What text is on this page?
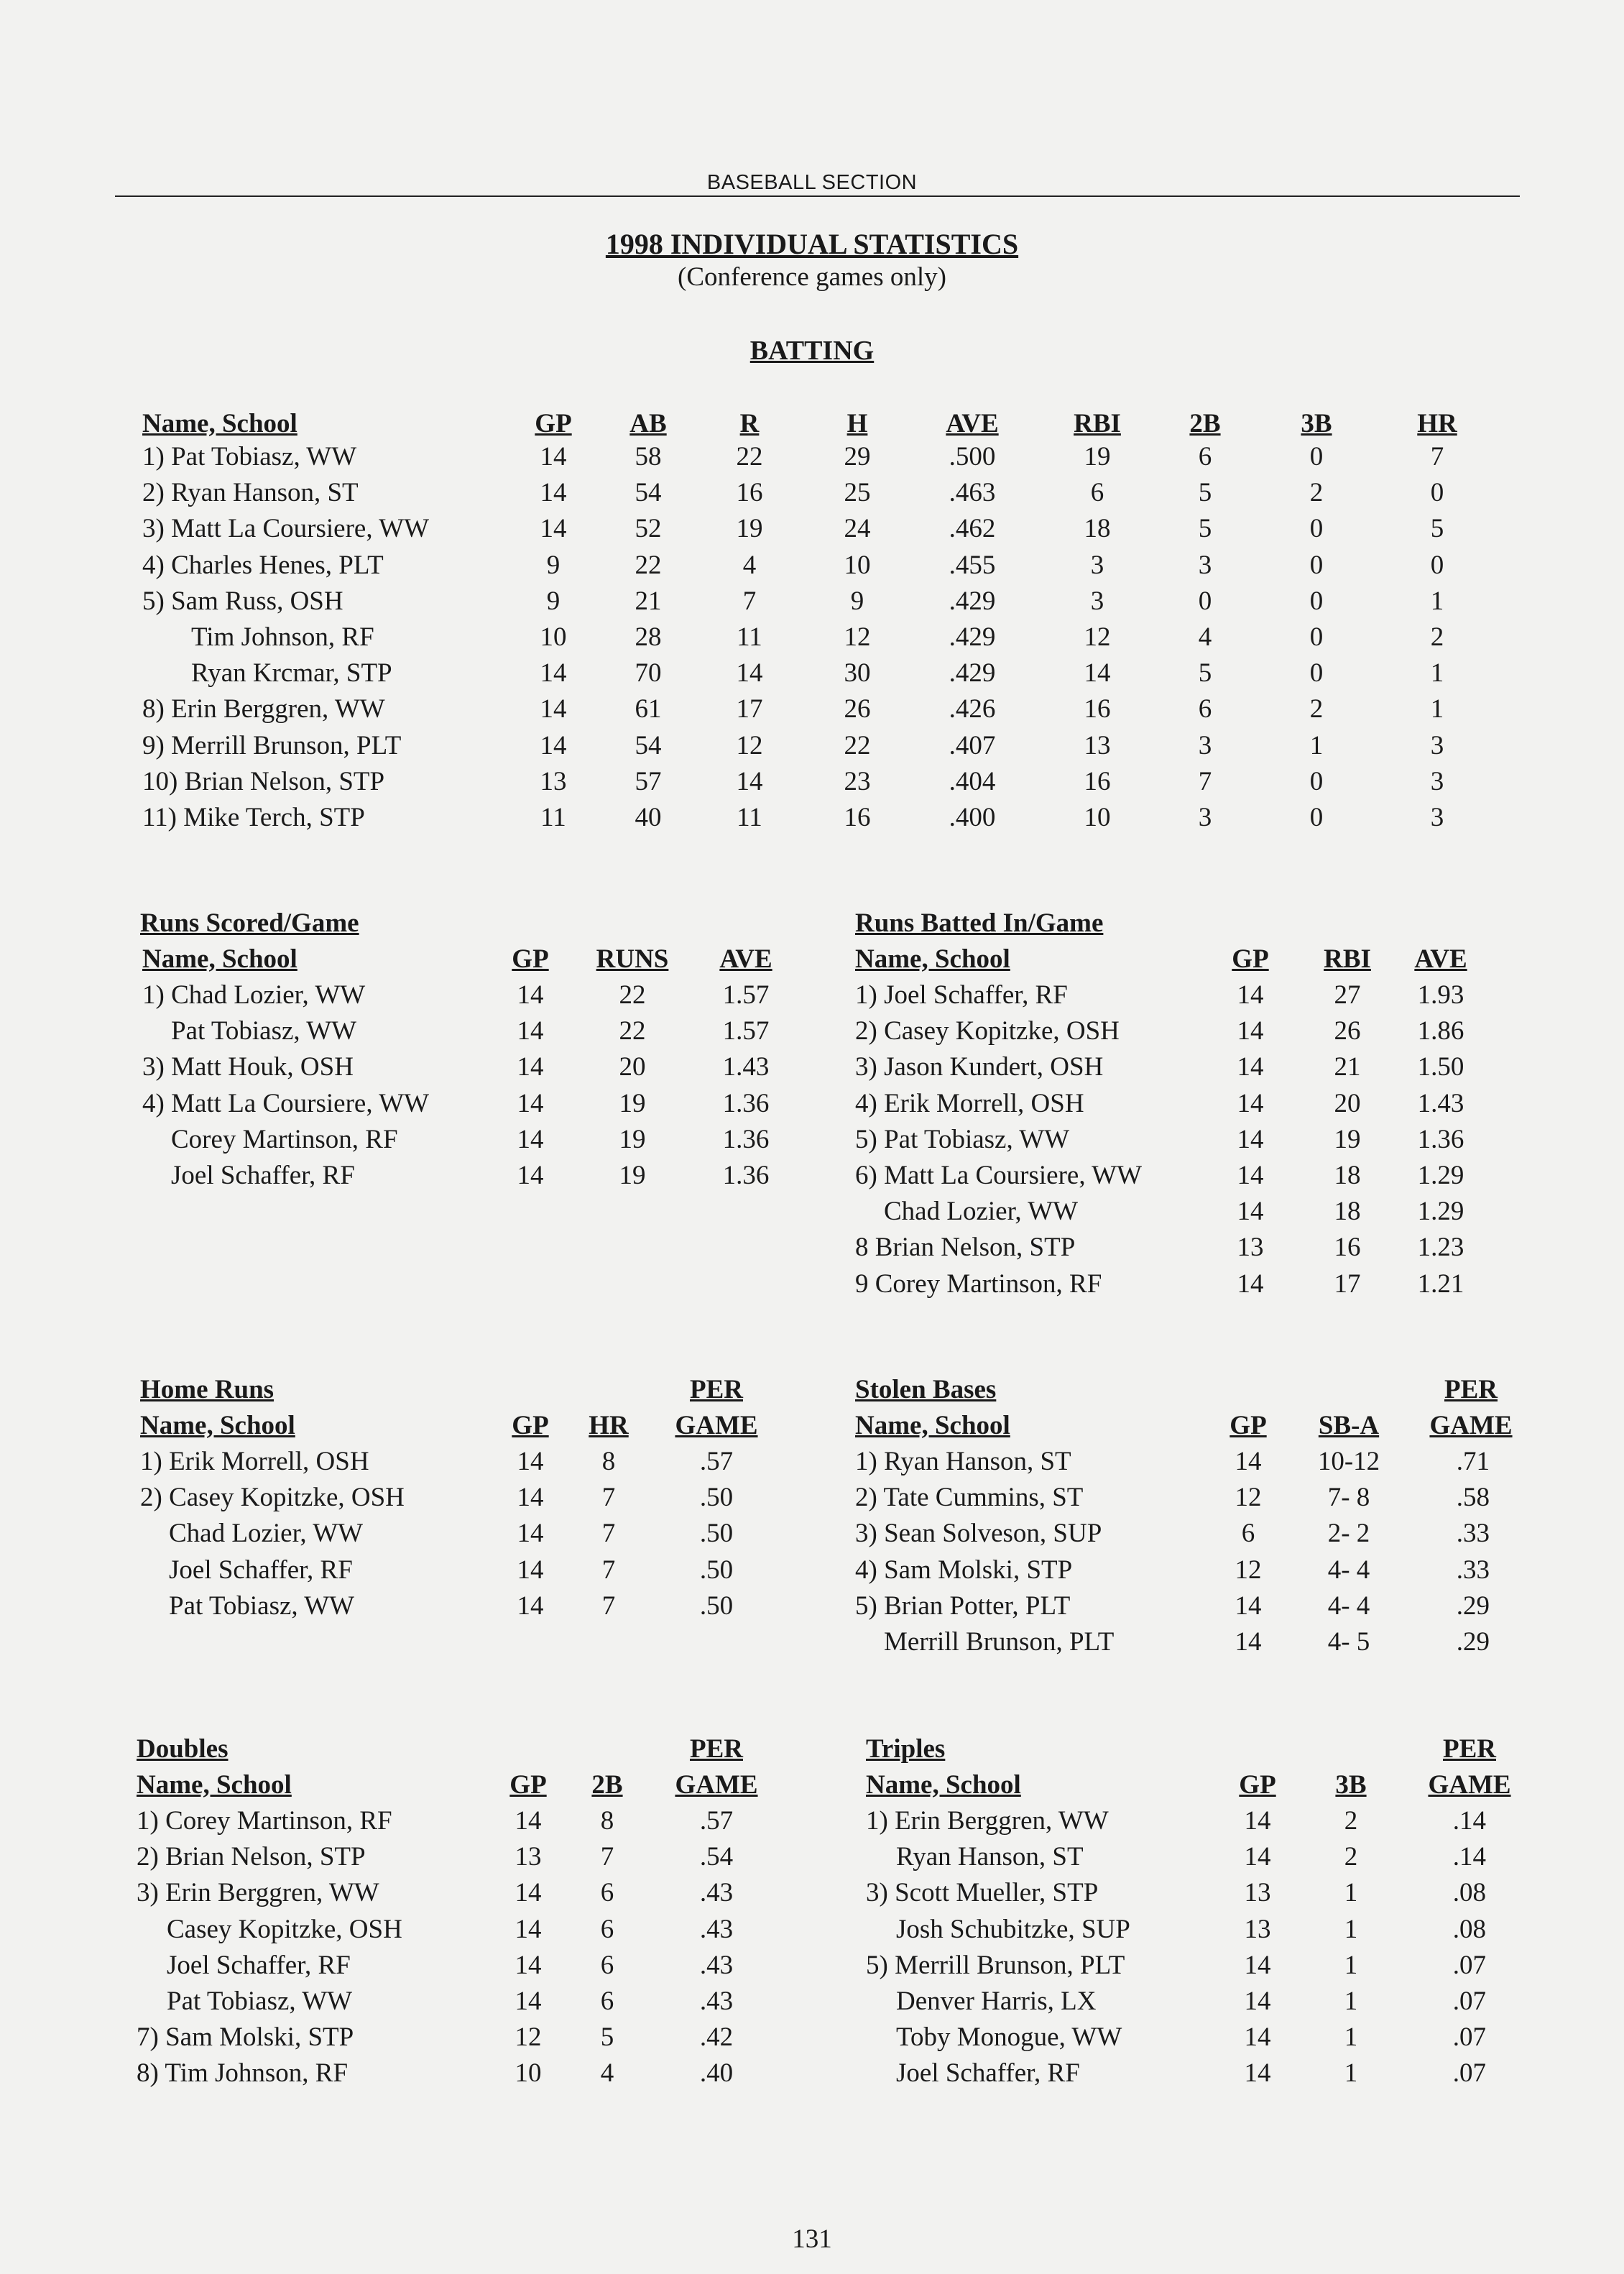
BASEBALL SECTION
1998 INDIVIDUAL STATISTICS
(Conference games only)
BATTING
Runs Scored/Game	Runs Batted In/Game
Home Runs	Stolen Bases
Doubles	Triples
131
Name, School	GP AB	R	H	AVE	RBI	2B	3B	HR
1) Pat Tobiasz, WW	14	58	22	29	.500	19	6	0	7
2) Ryan Hanson, ST	14	54	16	25	.463	6	5	2	0
3) Matt La Coursiere, WW	14	52	19	24	.462	18	5	0	5
4) Charles Henes, PLT	9	22	4	10	.455	3	3	0	0
5) Sam Russ, OSH	9	21	7	9	.429	3	0	0	1
Tim Johnson, RF	10	28	11	12	.429	12	4	0	2
Ryan Krcmar, STP	14	70	14	30	.429	14	5	0	1
8) Erin Berggren, WW	14	61	17	26	.426	16	6	2	1
9) Merrill Brunson, PLT	14	54	12	22	.407	13	3	1	3
10) Brian Nelson, STP	13	57	14	23	.404	16	7	0	3
11) Mike Terch, STP	11	40	11	16	.400	10	3	0	3
Name, School	GP RUNS AVE
1) Chad Lozier, WW	14	22	1.57
Pat Tobiasz, WW	14	22	1.57
3) Matt Houk, OSH	14	20	1.43
4) Matt La Coursiere, WW	14	19	1.36
Corey Martinson, RF	14	19	1.36
Joel Schaffer, RF	14	19	1.36
Name, School	GP RBI AVE
1) Joel Schaffer, RF	14	27 1.93
2) Casey Kopitzke, OSH	14	26 1.86
3) Jason Kundert, OSH	14	21 1.50
4) Erik Morrell, OSH	14	20 1.43
5) Pat Tobiasz, WW	14	19 1.36
6) Matt La Coursiere, WW	14	18 1.29
Chad Lozier, WW	14	18 1.29
8 Brian Nelson, STP	13	16 1.23
9 Corey Martinson, RF	14	17 1.21
PER
Name, School	GP HR GAME
1) Erik Morrell, OSH	14 8	.57
2) Casey Kopitzke, OSH	14 7	.50
Chad Lozier, WW	14 7	.50
Joel Schaffer, RF	14 7	.50
Pat Tobiasz, WW	14 7	.50
PER
Name, School	GP SB-A GAME
1) Ryan Hanson, ST	14 10-12	.71
2) Tate Cummins, ST	12 7- 8	.58
3) Sean Solveson, SUP	6	2- 2	.33
4) Sam Molski, STP	12 4- 4	.33
5) Brian Potter, PLT	14 4- 4	.29
Merrill Brunson, PLT	14 4- 5	.29
PER
Name, School	GP 2B GAME
1) Corey Martinson, RF	14 8	.57
2) Brian Nelson, STP	13 7	.54
3) Erin Berggren, WW	14 6	.43
Casey Kopitzke, OSH	14 6	.43
Joel Schaffer, RF	14 6	.43
Pat Tobiasz, WW	14 6	.43
7) Sam Molski, STP	12 5	.42
8) Tim Johnson, RF	10 4	.40
PER
Name, School	GP 3B GAME
1) Erin Berggren, WW	14	2	.14
Ryan Hanson, ST	14	2	.14
3) Scott Mueller, STP	13	1	.08
Josh Schubitzke, SUP	13	1	.08
5) Merrill Brunson, PLT	14	1	.07
Denver Harris, LX	14	1	.07
Toby Monogue, WW	14	1	.07
Joel Schaffer, RF	14	1	.07
